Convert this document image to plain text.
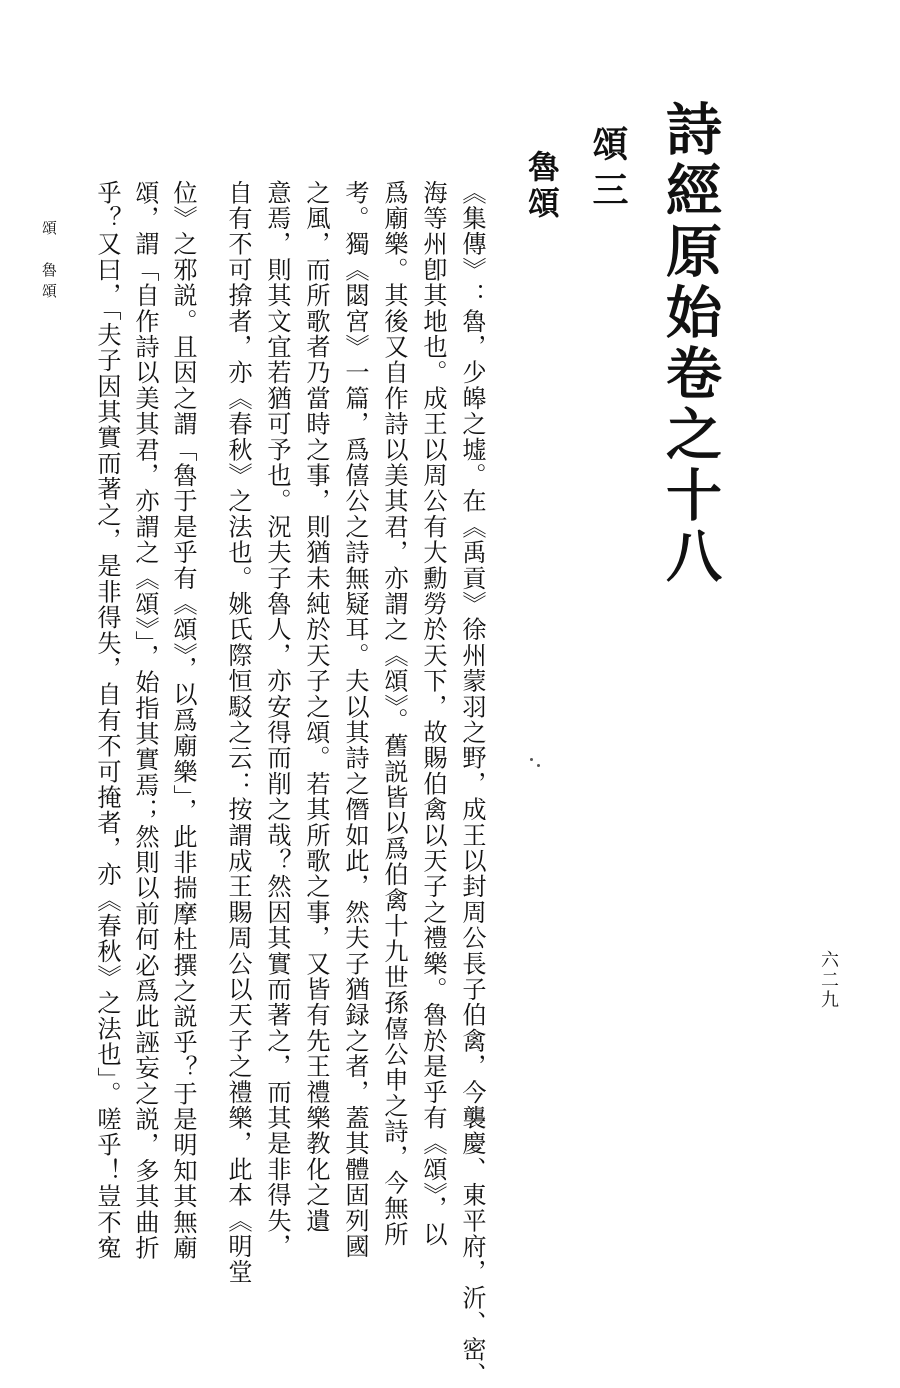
詩經原始卷之十八
頌三
魯頌
《集傳》：魯，少皞之墟。在《禹貢》徐州蒙羽之野，成王以封周公長子伯禽，今襲慶、東平府，沂、密、
海等州卽其地也。成王以周公有大勳勞於天下，故賜伯禽以天子之禮樂。魯於是乎有《頌》，以
爲廟樂。其後又自作詩以美其君，亦謂之《頌》。舊説皆以爲伯禽十九世孫僖公申之詩，今無所
考。獨《閟宮》一篇，爲僖公之詩無疑耳。夫以其詩之僭如此，然夫子猶録之者，蓋其體固列國
之風，而所歌者乃當時之事，則猶未純於天子之頌。若其所歌之事，又皆有先王禮樂教化之遺
意焉，則其文宜若猶可予也。況夫子魯人，亦安得而削之哉？然因其實而著之，而其是非得失，
自有不可揜者，亦《春秋》之法也。姚氏際恒駁之云：按謂成王賜周公以天子之禮樂，此本《明堂
位》之邪説。且因之謂「魯于是乎有《頌》，以爲廟樂」，此非揣摩杜撰之説乎？于是明知其無廟
頌，謂「自作詩以美其君，亦謂之《頌》」，始指其實焉；然則以前何必爲此誣妄之説，多其曲折
乎？又曰，「夫子因其實而著之，是非得失，自有不可掩者，亦《春秋》之法也」。嗟乎！豈不寃
頌　魯頌
六二九
